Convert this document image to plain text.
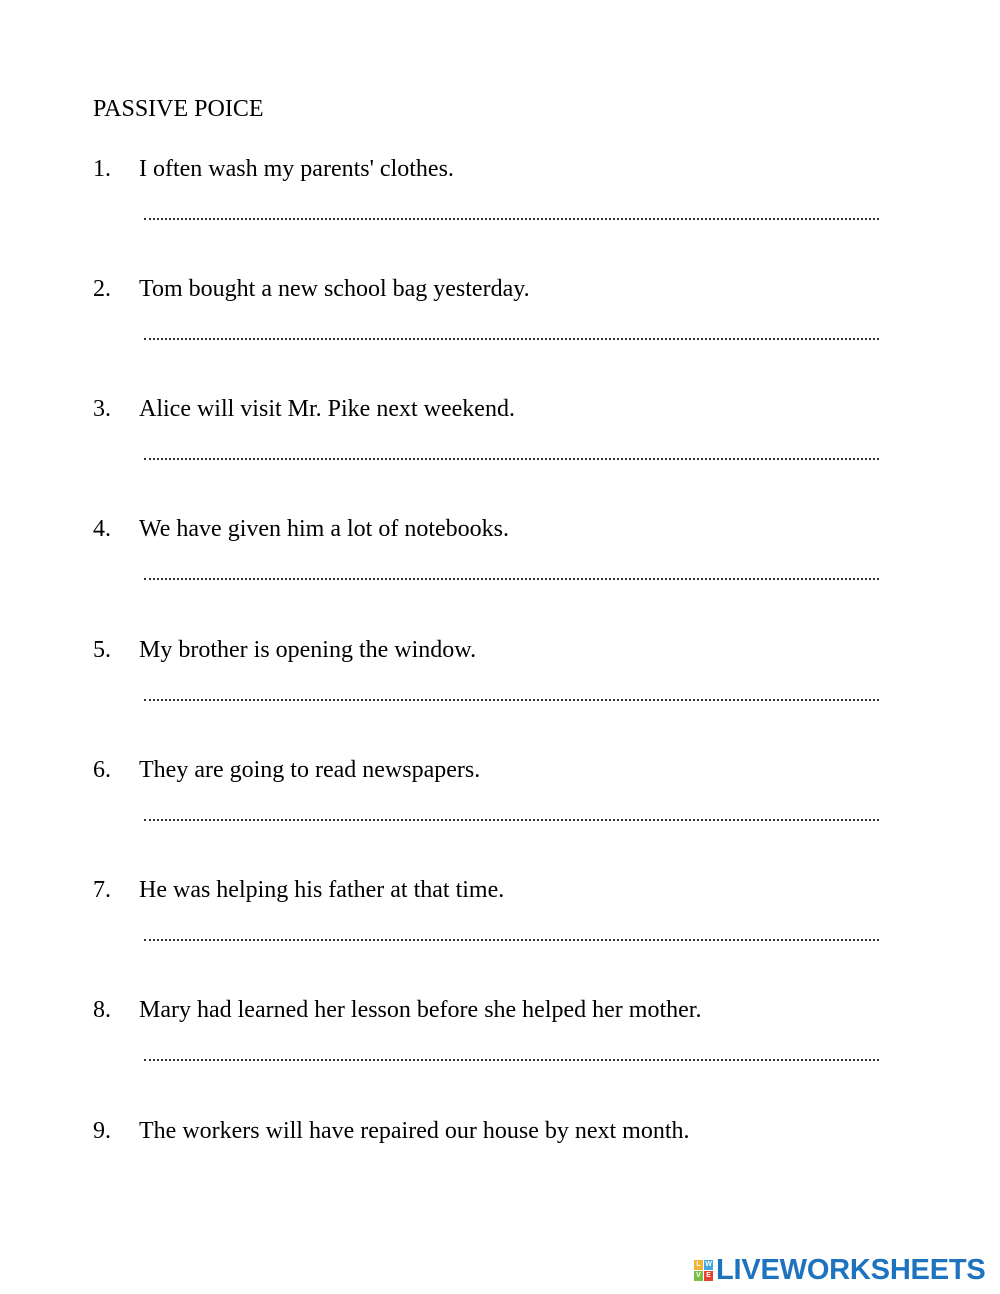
PASSIVE POICE
1. I often wash my parents' clothes.
2. Tom bought a new school bag yesterday.
3. Alice will visit Mr. Pike next weekend.
4. We have given him a lot of notebooks.
5. My brother is opening the window.
6. They are going to read newspapers.
7. He was helping his father at that time.
8. Mary had learned her lesson before she helped her mother.
9. The workers will have repaired our house by next month.
L W
V E LIVEWORKSHEETS
